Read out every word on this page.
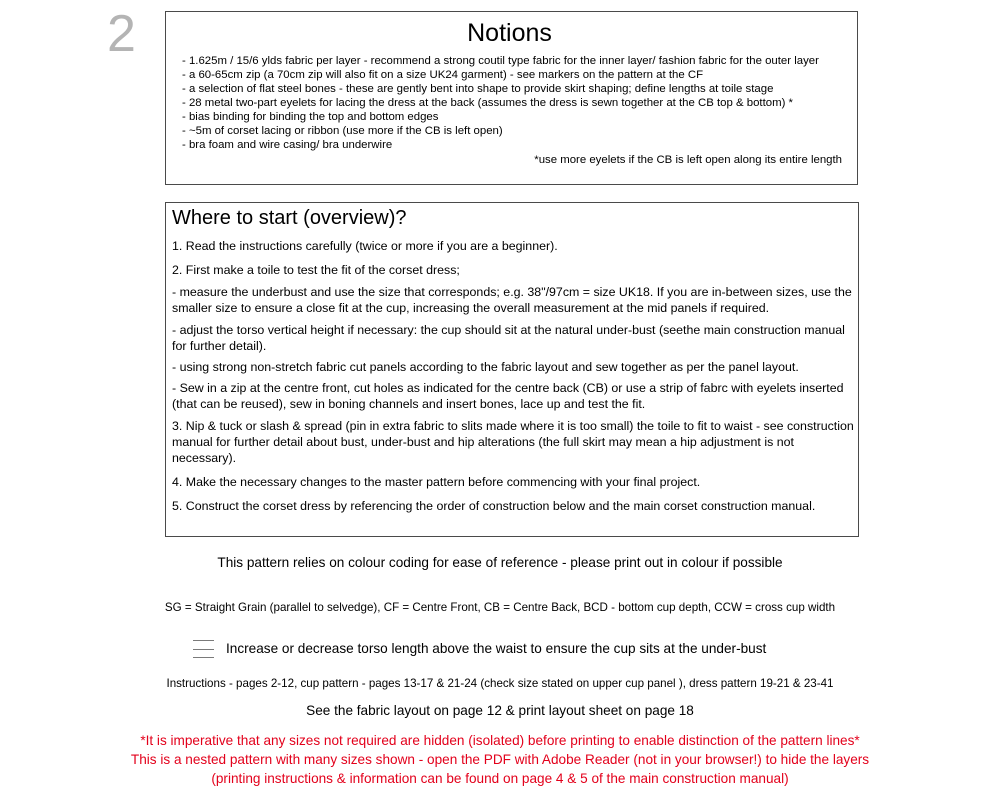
2	Notions
- 1.625m / 15/6 ylds fabric per layer - recommend a strong coutil type fabric for the inner layer/ fashion fabric for the outer layer
- a 60-65cm zip (a 70cm zip will also fit on a size UK24 garment) - see markers on the pattern at the CF
- a selection of flat steel bones - these are gently bent into shape to provide skirt shaping; define lengths at toile stage
- 28 metal two-part eyelets for lacing the dress at the back (assumes the dress is sewn together at the CB top & bottom) *
- bias binding for binding the top and bottom edges
- ~5m of corset lacing or ribbon (use more if the CB is left open)
- bra foam and wire casing/ bra underwire
*use more eyelets if the CB is left open along its entire length
Where to start (overview)?

1. Read the instructions carefully (twice or more if you are a beginner).

2. First make a toile to test the fit of the corset dress;

- measure the underbust and use the size that corresponds; e.g. 38"/97cm = size UK18. If you are in-between sizes, use the smaller size to ensure a close fit at the cup, increasing the overall measurement at the mid panels if required.

- adjust the torso vertical height if necessary: the cup should sit at the natural under-bust (seethe main construction manual for further detail).

- using strong non-stretch fabric cut panels according to the fabric layout and sew together as per the panel layout.

- Sew in a zip at the centre front, cut holes as indicated for the centre back (CB) or use a strip of fabrc with eyelets inserted (that can be reused), sew in boning channels and insert bones, lace up and test the fit.

3. Nip & tuck or slash & spread (pin in extra fabric to slits made where it is too small) the toile to fit to waist - see construction manual for further detail about bust, under-bust and hip alterations (the full skirt may mean a hip adjustment is not necessary).

4. Make the necessary changes to the master pattern before commencing with your final project.

5. Construct the corset dress by referencing the order of construction below and the main corset construction manual.

This pattern relies on colour coding for ease of reference - please print out in colour if possible

SG = Straight Grain (parallel to selvedge), CF = Centre Front, CB = Centre Back, BCD - bottom cup depth, CCW = cross cup width

Increase or decrease torso length above the waist to ensure the cup sits at the under-bust

Instructions - pages 2-12, cup pattern - pages 13-17 & 21-24 (check size stated on upper cup panel ), dress pattern 19-21 & 23-41

See the fabric layout on page 12 & print layout sheet on page 18

*It is imperative that any sizes not required are hidden (isolated) before printing to enable distinction of the pattern lines*

This is a nested pattern with many sizes shown - open the PDF with Adobe Reader (not in your browser!) to hide the layers

(printing instructions & information can be found on page 4 & 5 of the main construction manual)
